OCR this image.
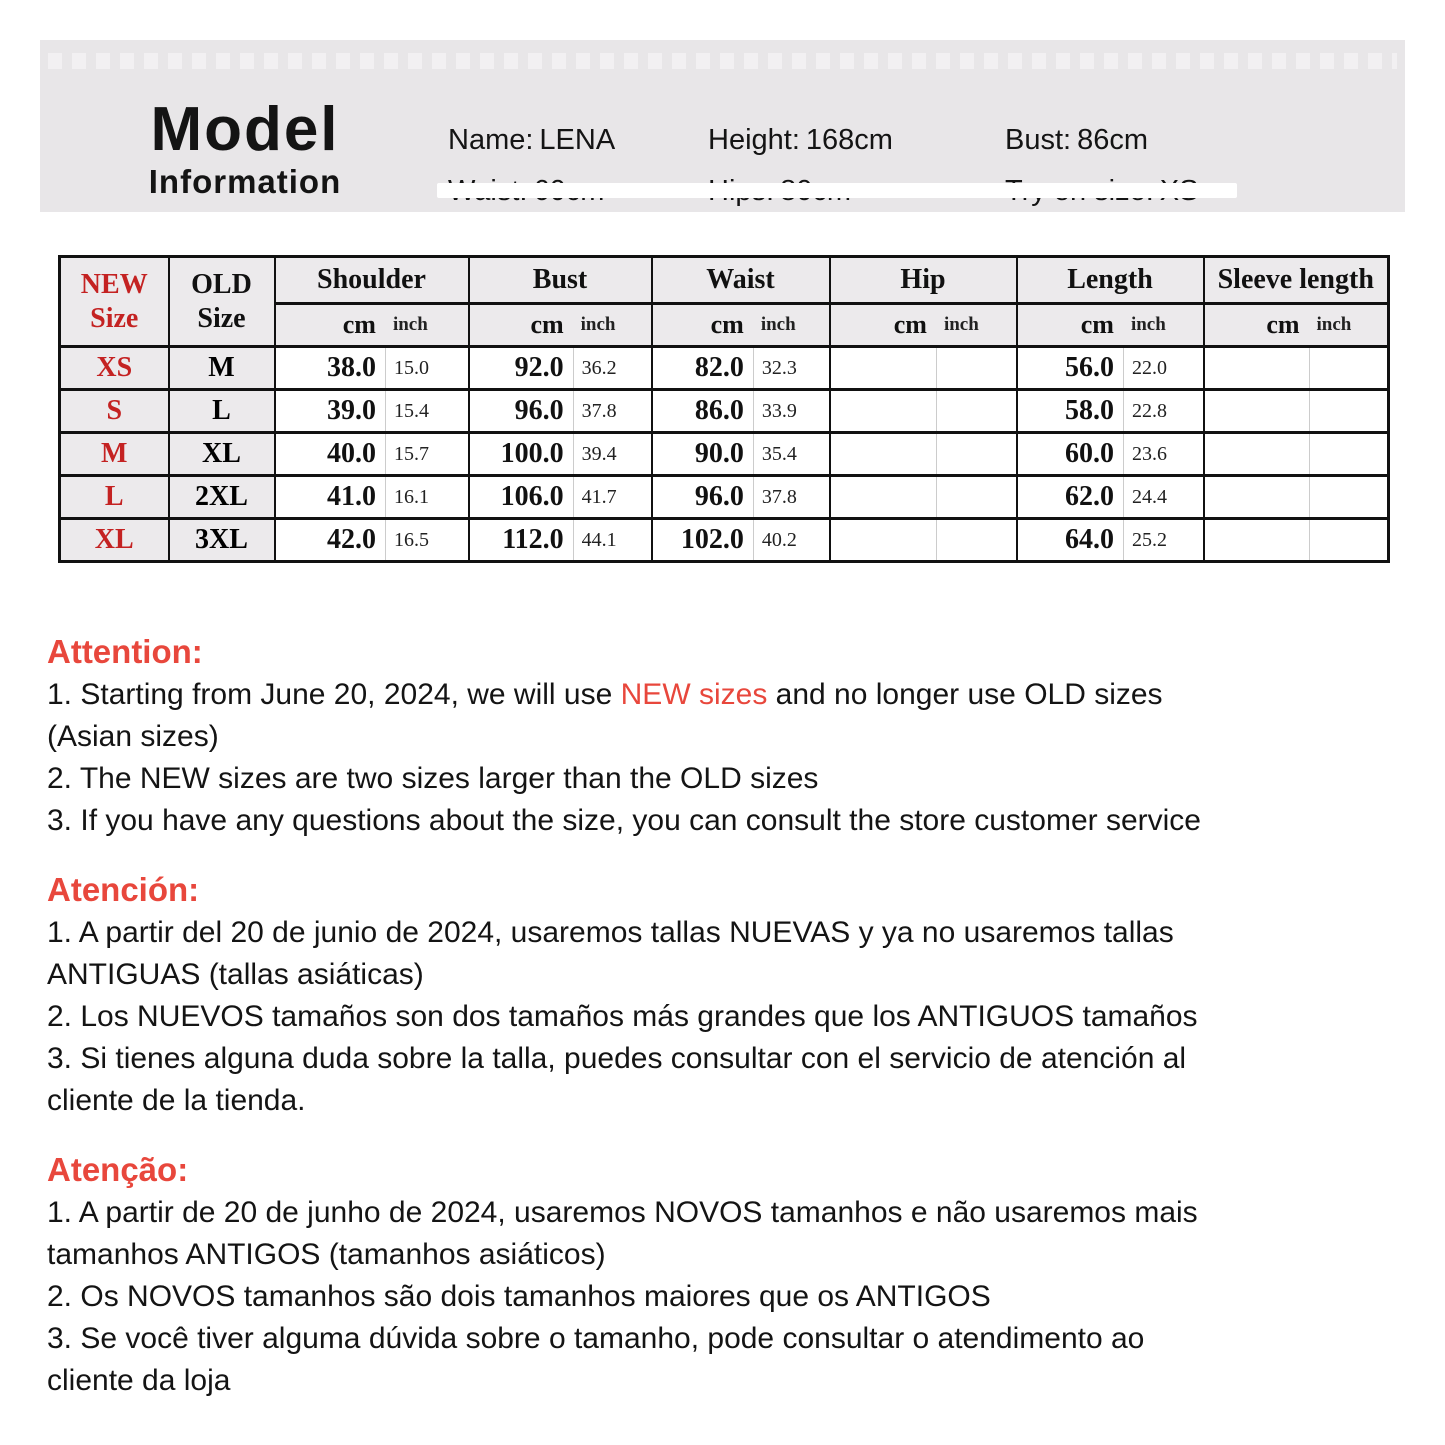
Model
Information
Name: LENA	Height: 168cm	Bust: 86cm
NEW
Size

OLD
Size
	Shoulder	Bust	Waist	Hip	Length	Sleeve length

		cm inch	cm inch	cm inch	cm inch	cm inch	cm inch

XS	M	38.0 15.0	92.0 36.2	82.0 32.3		56.0 22.0	

S	L	39.0 15.4	96.0 37.8	86.0 33.9		58.0 22.8	

M	XL	40.0 15.7	100.0 39.4	90.0 35.4		60.0 23.6	

L	2XL	41.0 16.1	106.0 41.7	96.0 37.8		62.0 24.4	

XL	3XL	42.0 16.5	112.0 44.1	102.0 40.2		64.0 25.2	

Attention:
1. Starting from June 20, 2024, we will use NEW sizes and no longer use OLD sizes
(Asian sizes)
2. The NEW sizes are two sizes larger than the OLD sizes
3. If you have any questions about the size, you can consult the store customer service
Atención:
1. A partir del 20 de junio de 2024, usaremos tallas NUEVAS y ya no usaremos tallas
ANTIGUAS (tallas asiáticas)
2. Los NUEVOS tamaños son dos tamaños más grandes que los ANTIGUOS tamaños
3. Si tienes alguna duda sobre la talla, puedes consultar con el servicio de atención al
cliente de la tienda.
Atenção:
1. A partir de 20 de junho de 2024, usaremos NOVOS tamanhos e não usaremos mais
tamanhos ANTIGOS (tamanhos asiáticos)
2. Os NOVOS tamanhos são dois tamanhos maiores que os ANTIGOS
3. Se você tiver alguma dúvida sobre o tamanho, pode consultar o atendimento ao
cliente da loja
